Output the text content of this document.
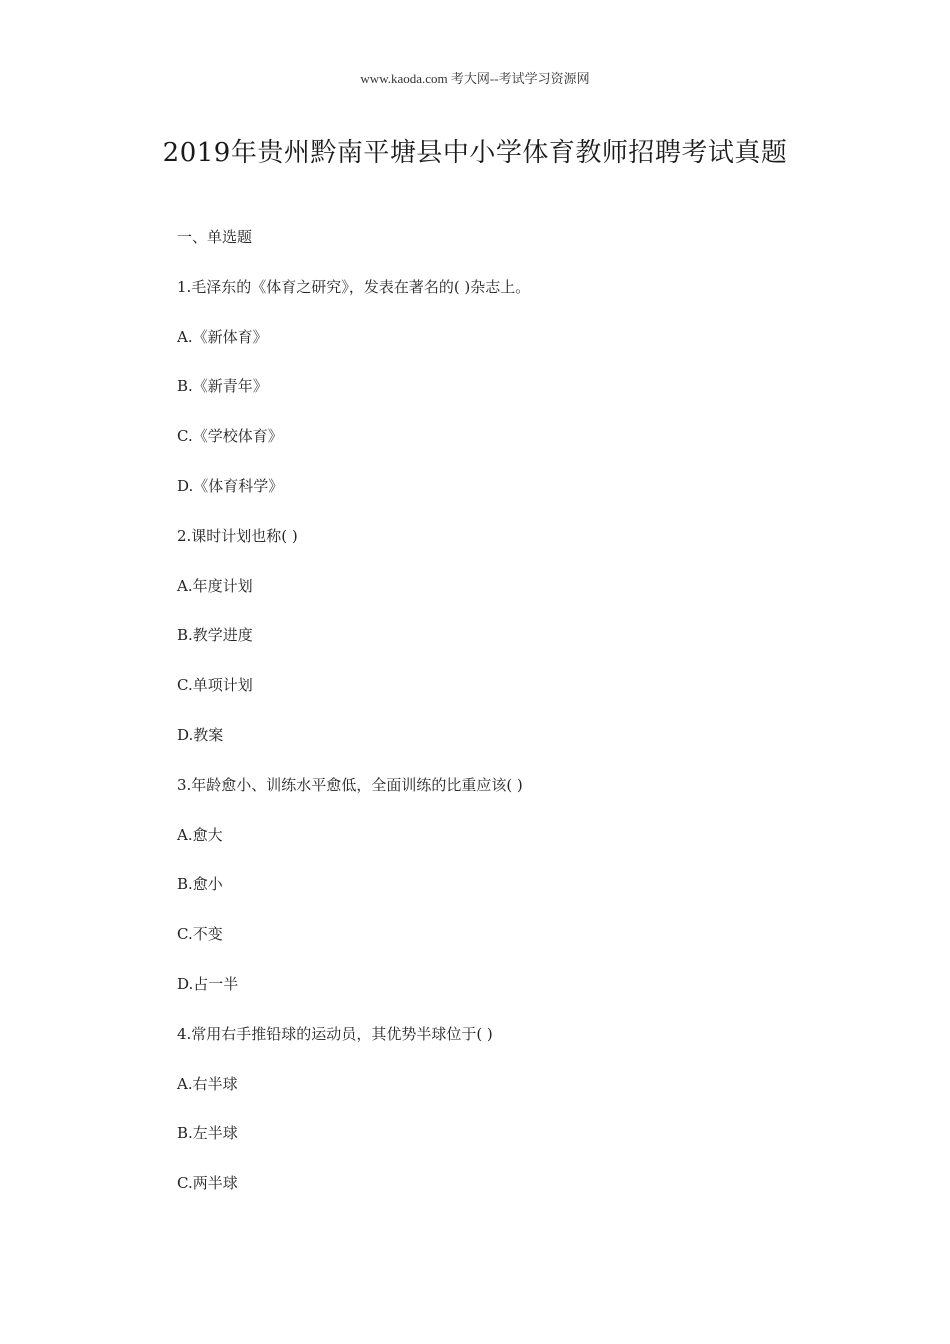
www.kaoda.com 考大网--考试学习资源网
2019年贵州黔南平塘县中小学体育教师招聘考试真题
一、单选题
1.毛泽东的《体育之研究》，发表在著名的( )杂志上。
A.《新体育》
B.《新青年》
C.《学校体育》
D.《体育科学》
2.课时计划也称( )
A.年度计划
B.教学进度
C.单项计划
D.教案
3.年龄愈小、训练水平愈低，全面训练的比重应该( )
A.愈大
B.愈小
C.不变
D.占一半
4.常用右手推铅球的运动员，其优势半球位于( )
A.右半球
B.左半球
C.两半球
